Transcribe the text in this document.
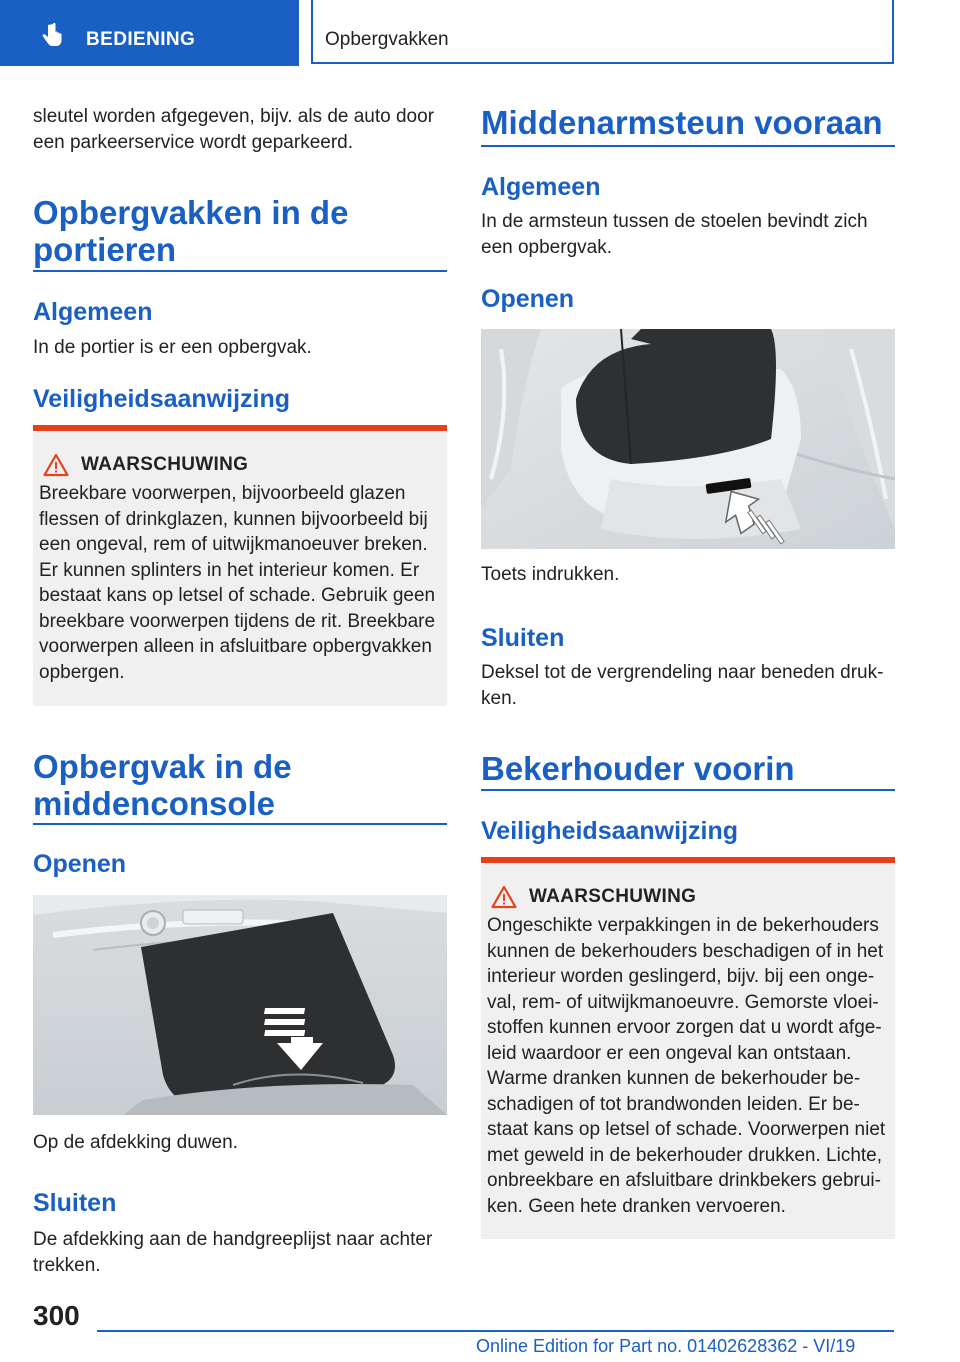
BEDIENING	Opbergvakken
sleutel worden afgegeven, bijv. als de auto door een parkeerservice wordt geparkeerd.
Opbergvakken in de portieren
Algemeen
In de portier is er een opbergvak.
Veiligheidsaanwijzing
WAARSCHUWING
Breekbare voorwerpen, bijvoorbeeld glazen flessen of drinkglazen, kunnen bijvoorbeeld bij een ongeval, rem of uitwijkmanoeuver breken. Er kunnen splinters in het interieur komen. Er bestaat kans op letsel of schade. Gebruik geen breekbare voorwerpen tijdens de rit. Breekbare voorwerpen alleen in afsluitbare opbergvakken opbergen.
Opbergvak in de middenconsole
Openen
Op de afdekking duwen.
Sluiten
De afdekking aan de handgreeplijst naar achter trekken.
Middenarmsteun vooraan
Algemeen
In de armsteun tussen de stoelen bevindt zich een opbergvak.
Openen
Toets indrukken.
Sluiten
Deksel tot de vergrendeling naar beneden druk-ken.
Bekerhouder voorin
Veiligheidsaanwijzing
WAARSCHUWING
Ongeschikte verpakkingen in de bekerhouders kunnen de bekerhouders beschadigen of in het interieur worden geslingerd, bijv. bij een onge-val, rem- of uitwijkmanoeuvre. Gemorste vloei-stoffen kunnen ervoor zorgen dat u wordt afge-leid waardoor er een ongeval kan ontstaan. Warme dranken kunnen de bekerhouder be-schadigen of tot brandwonden leiden. Er be-staat kans op letsel of schade. Voorwerpen niet met geweld in de bekerhouder drukken. Lichte, onbreekbare en afsluitbare drinkbekers gebrui-ken. Geen hete dranken vervoeren.
300
Online Edition for Part no. 01402628362 - VI/19
